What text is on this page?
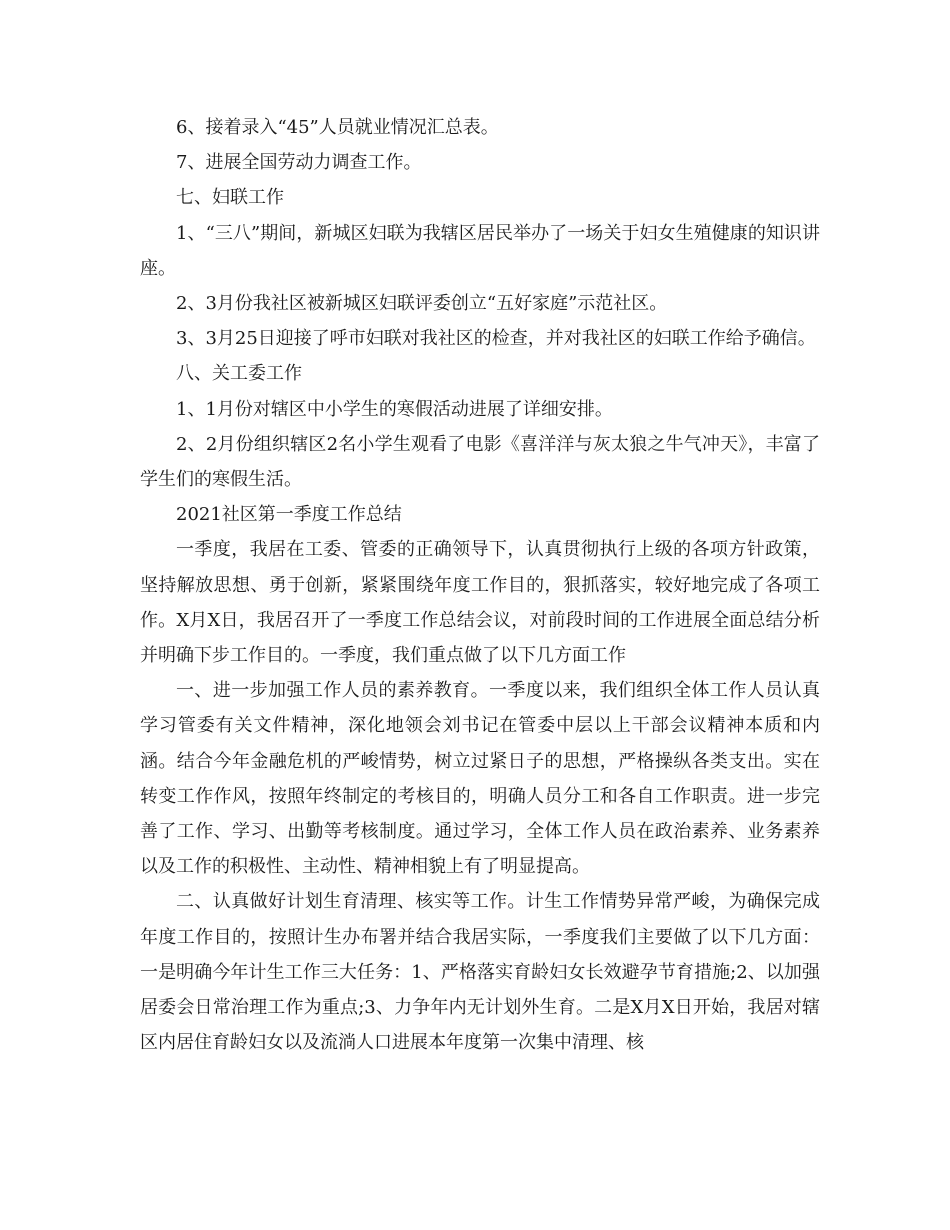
6、接着录入“45”人员就业情况汇总表。

7、进展全国劳动力调查工作。

七、妇联工作

1、“三八”期间，新城区妇联为我辖区居民举办了一场关于妇女生殖健康的知识讲座。

2、3月份我社区被新城区妇联评委创立“五好家庭”示范社区。

3、3月25日迎接了呼市妇联对我社区的检查，并对我社区的妇联工作给予确信。

八、关工委工作

1、1月份对辖区中小学生的寒假活动进展了详细安排。

2、2月份组织辖区2名小学生观看了电影《喜洋洋与灰太狼之牛气冲天》，丰富了学生们的寒假生活。

2021社区第一季度工作总结

一季度，我居在工委、管委的正确领导下，认真贯彻执行上级的各项方针政策，坚持解放思想、勇于创新，紧紧围绕年度工作目的，狠抓落实，较好地完成了各项工作。X月X日，我居召开了一季度工作总结会议，对前段时间的工作进展全面总结分析并明确下步工作目的。一季度，我们重点做了以下几方面工作

一、进一步加强工作人员的素养教育。一季度以来，我们组织全体工作人员认真学习管委有关文件精神，深化地领会刘书记在管委中层以上干部会议精神本质和内涵。结合今年金融危机的严峻情势，树立过紧日子的思想，严格操纵各类支出。实在转变工作作风，按照年终制定的考核目的，明确人员分工和各自工作职责。进一步完善了工作、学习、出勤等考核制度。通过学习，全体工作人员在政治素养、业务素养以及工作的积极性、主动性、精神相貌上有了明显提高。

二、认真做好计划生育清理、核实等工作。计生工作情势异常严峻，为确保完成年度工作目的，按照计生办布署并结合我居实际，一季度我们主要做了以下几方面：一是明确今年计生工作三大任务：1、严格落实育龄妇女长效避孕节育措施;2、以加强居委会日常治理工作为重点;3、力争年内无计划外生育。二是X月X日开始，我居对辖区内居住育龄妇女以及流淌人口进展本年度第一次集中清理、核
